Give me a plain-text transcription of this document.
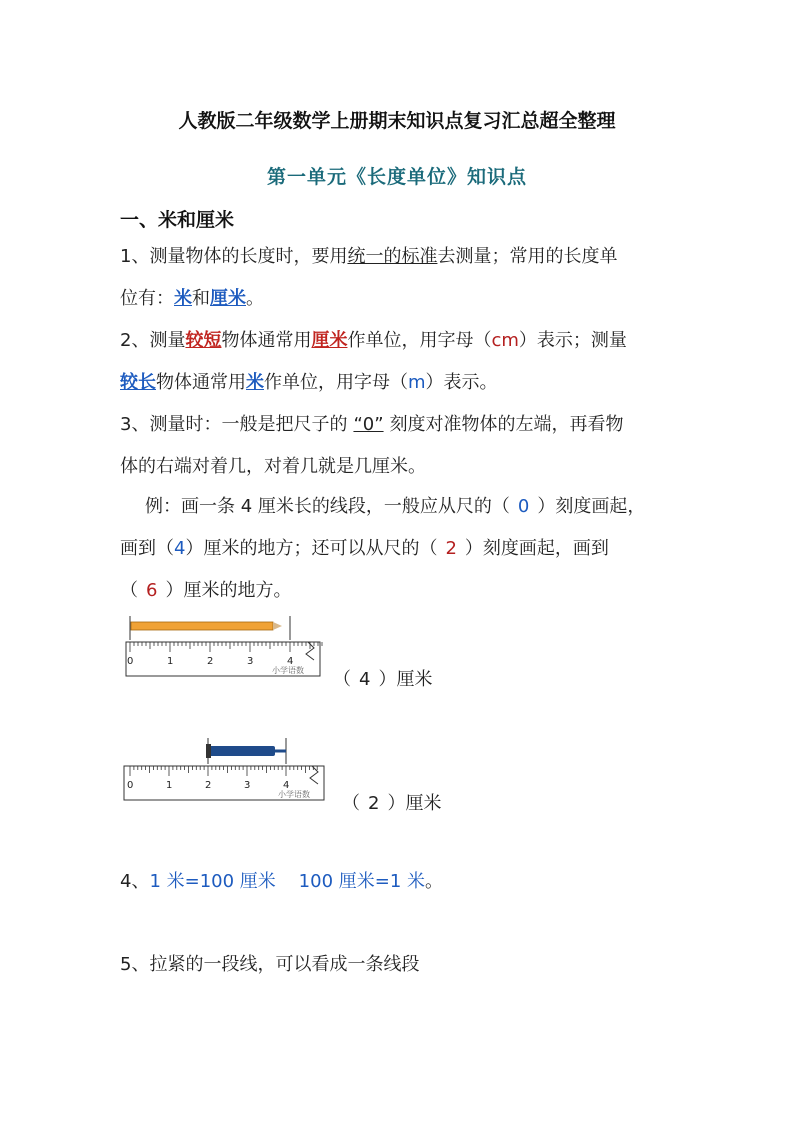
人教版二年级数学上册期末知识点复习汇总超全整理
第一单元《长度单位》知识点
一、米和厘米
1、测量物体的长度时，要用统一的标准去测量；常用的长度单
位有：米和厘米。
2、测量较短物体通常用厘米作单位，用字母（cm）表示；测量
较长物体通常用米作单位，用字母（m）表示。
3、测量时：一般是把尺子的 “0” 刻度对准物体的左端，再看物
体的右端对着几，对着几就是几厘米。
例：画一条 4 厘米长的线段，一般应从尺的（ 0 ）刻度画起，
画到（4）厘米的地方；还可以从尺的（ 2 ）刻度画起，画到
（ 6 ）厘米的地方。
0	1	2	3	4
小学语数 （ 4 ）厘米
0	1	2	3	4
小学语数 （ 2 ）厘米
4、1 米=100 厘米    100 厘米=1 米。
5、拉紧的一段线，可以看成一条线段
